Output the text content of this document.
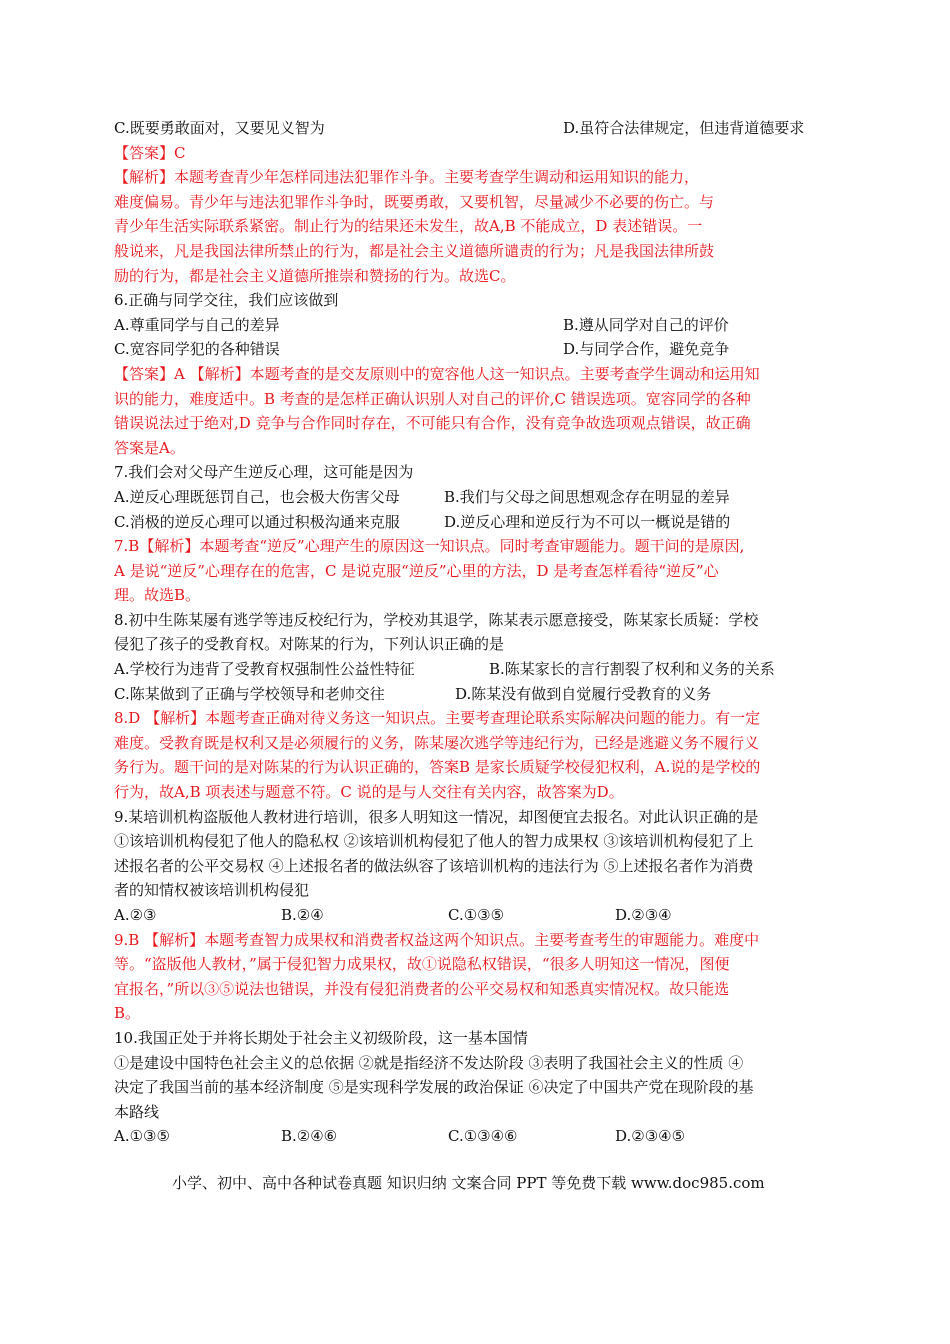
C.既要勇敢面对，又要见义智为	D.虽符合法律规定，但违背道德要求
【答案】C
【解析】本题考查青少年怎样同违法犯罪作斗争。主要考查学生调动和运用知识的能力，
难度偏易。青少年与违法犯罪作斗争时，既要勇敢，又要机智，尽量减少不必要的伤亡。与
青少年生活实际联系紧密。制止行为的结果还未发生，故A,B 不能成立，D 表述错误。一
般说来，凡是我国法律所禁止的行为，都是社会主义道德所谴责的行为；凡是我国法律所鼓
励的行为，都是社会主义道德所推崇和赞扬的行为。故选C。
6.正确与同学交往，我们应该做到
A.尊重同学与自己的差异	B.遵从同学对自己的评价
C.宽容同学犯的各种错误	D.与同学合作，避免竞争
【答案】A 【解析】本题考查的是交友原则中的宽容他人这一知识点。主要考查学生调动和运用知
识的能力，难度适中。B 考查的是怎样正确认识别人对自己的评价,C 错误选项。宽容同学的各种
错误说法过于绝对,D 竞争与合作同时存在，不可能只有合作，没有竞争故选项观点错误，故正确
答案是A。
7.我们会对父母产生逆反心理，这可能是因为
A.逆反心理既惩罚自己，也会极大伤害父母	B.我们与父母之间思想观念存在明显的差异
C.消极的逆反心理可以通过积极沟通来克服	D.逆反心理和逆反行为不可以一概说是错的
7.B【解析】本题考查“逆反”心理产生的原因这一知识点。同时考查审题能力。题干问的是原因,
A 是说“逆反”心理存在的危害，C 是说克服“逆反”心里的方法，D 是考查怎样看待“逆反”心
理。故选B。
8.初中生陈某屡有逃学等违反校纪行为，学校劝其退学，陈某表示愿意接受，陈某家长质疑：学校
侵犯了孩子的受教育权。对陈某的行为，下列认识正确的是
A.学校行为违背了受教育权强制性公益性特征	B.陈某家长的言行割裂了权利和义务的关系
C.陈某做到了正确与学校领导和老帅交往	D.陈某没有做到自觉履行受教育的义务
8.D 【解析】本题考查正确对待义务这一知识点。主要考查理论联系实际解决问题的能力。有一定
难度。受教育既是权利又是必须履行的义务，陈某屡次逃学等违纪行为，已经是逃避义务不履行义
务行为。题干问的是对陈某的行为认识正确的，答案B 是家长质疑学校侵犯权利，A.说的是学校的
行为，故A,B 项表述与题意不符。C 说的是与人交往有关内容，故答案为D。
9.某培训机构盗版他人教材进行培训，很多人明知这一情况，却图便宜去报名。对此认识正确的是
①该培训机构侵犯了他人的隐私权 ②该培训机构侵犯了他人的智力成果权 ③该培训机构侵犯了上
述报名者的公平交易权 ④上述报名者的做法纵容了该培训机构的违法行为 ⑤上述报名者作为消费
者的知情权被该培训机构侵犯
A.②③	B.②④	C.①③⑤	D.②③④
9.B 【解析】本题考查智力成果权和消费者权益这两个知识点。主要考查考生的审题能力。难度中
等。“盗版他人教材，”属于侵犯智力成果权，故①说隐私权错误，“很多人明知这一情况，图便
宜报名，”所以③⑤说法也错误，并没有侵犯消费者的公平交易权和知悉真实情况权。故只能选
B。
10.我国正处于并将长期处于社会主义初级阶段，这一基本国情
①是建设中国特色社会主义的总依据 ②就是指经济不发达阶段 ③表明了我国社会主义的性质 ④
决定了我国当前的基本经济制度 ⑤是实现科学发展的政治保证 ⑥决定了中国共产党在现阶段的基
本路线
A.①③⑤	B.②④⑥	C.①③④⑥	D.②③④⑤
小学、初中、高中各种试卷真题 知识归纳 文案合同 PPT 等免费下载 www.doc985.com
